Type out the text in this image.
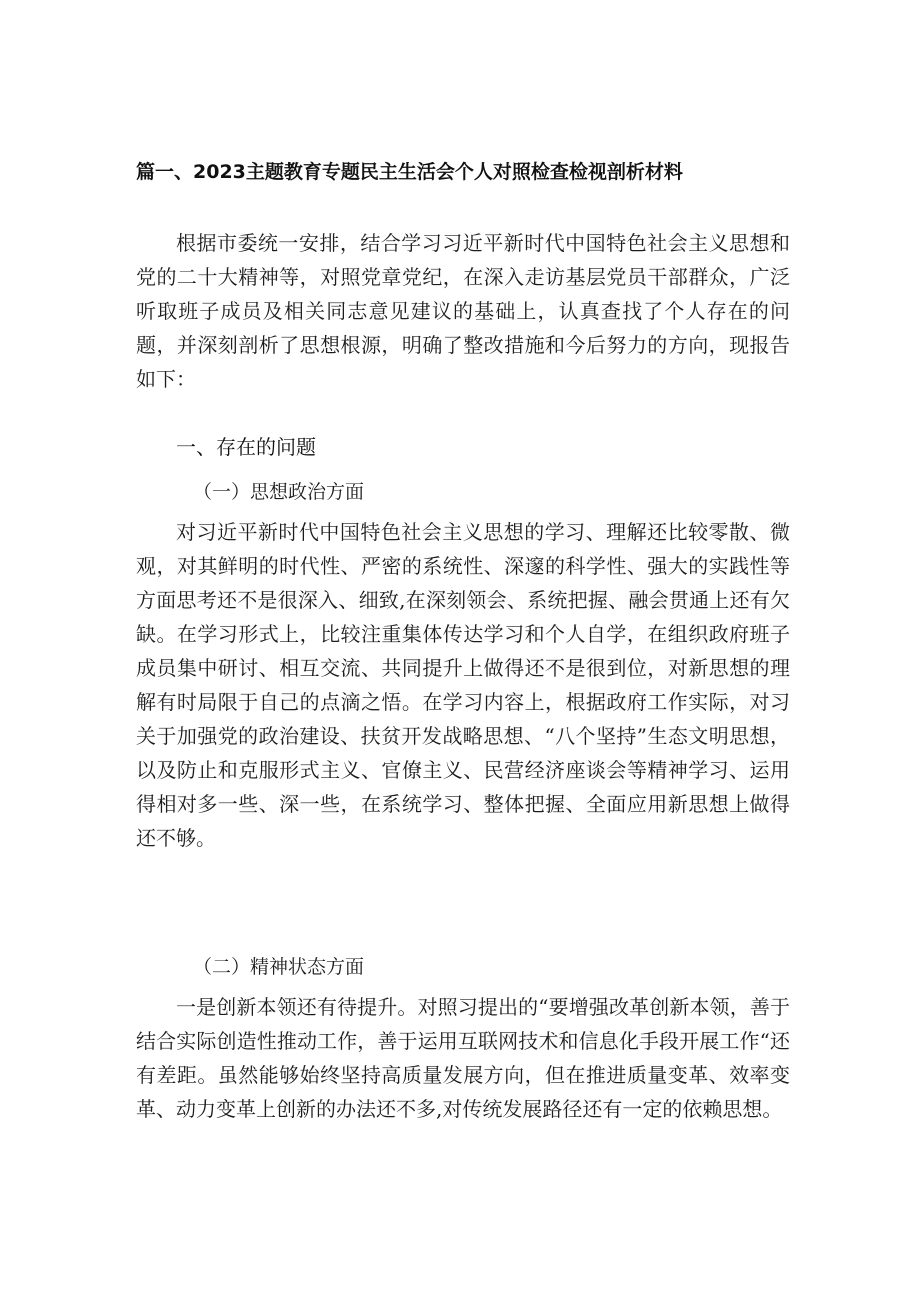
篇一、2023主题教育专题民主生活会个人对照检查检视剖析材料

根据市委统一安排，结合学习习近平新时代中国特色社会主义思想和党的二十大精神等，对照党章党纪，在深入走访基层党员干部群众，广泛听取班子成员及相关同志意见建议的基础上，认真查找了个人存在的问题，并深刻剖析了思想根源，明确了整改措施和今后努力的方向，现报告如下：

一、存在的问题
（一）思想政治方面

对习近平新时代中国特色社会主义思想的学习、理解还比较零散、微观，对其鲜明的时代性、严密的系统性、深邃的科学性、强大的实践性等方面思考还不是很深入、细致,在深刻领会、系统把握、融会贯通上还有欠缺。在学习形式上，比较注重集体传达学习和个人自学，在组织政府班子成员集中研讨、相互交流、共同提升上做得还不是很到位，对新思想的理解有时局限于自己的点滴之悟。在学习内容上，根据政府工作实际，对习关于加强党的政治建设、扶贫开发战略思想、“八个坚持”生态文明思想，以及防止和克服形式主义、官僚主义、民营经济座谈会等精神学习、运用得相对多一些、深一些，在系统学习、整体把握、全面应用新思想上做得还不够。

（二）精神状态方面

一是创新本领还有待提升。对照习提出的“要增强改革创新本领，善于结合实际创造性推动工作，善于运用互联网技术和信息化手段开展工作“还有差距。虽然能够始终坚持高质量发展方向，但在推进质量变革、效率变革、动力变革上创新的办法还不多,对传统发展路径还有一定的依赖思想。
